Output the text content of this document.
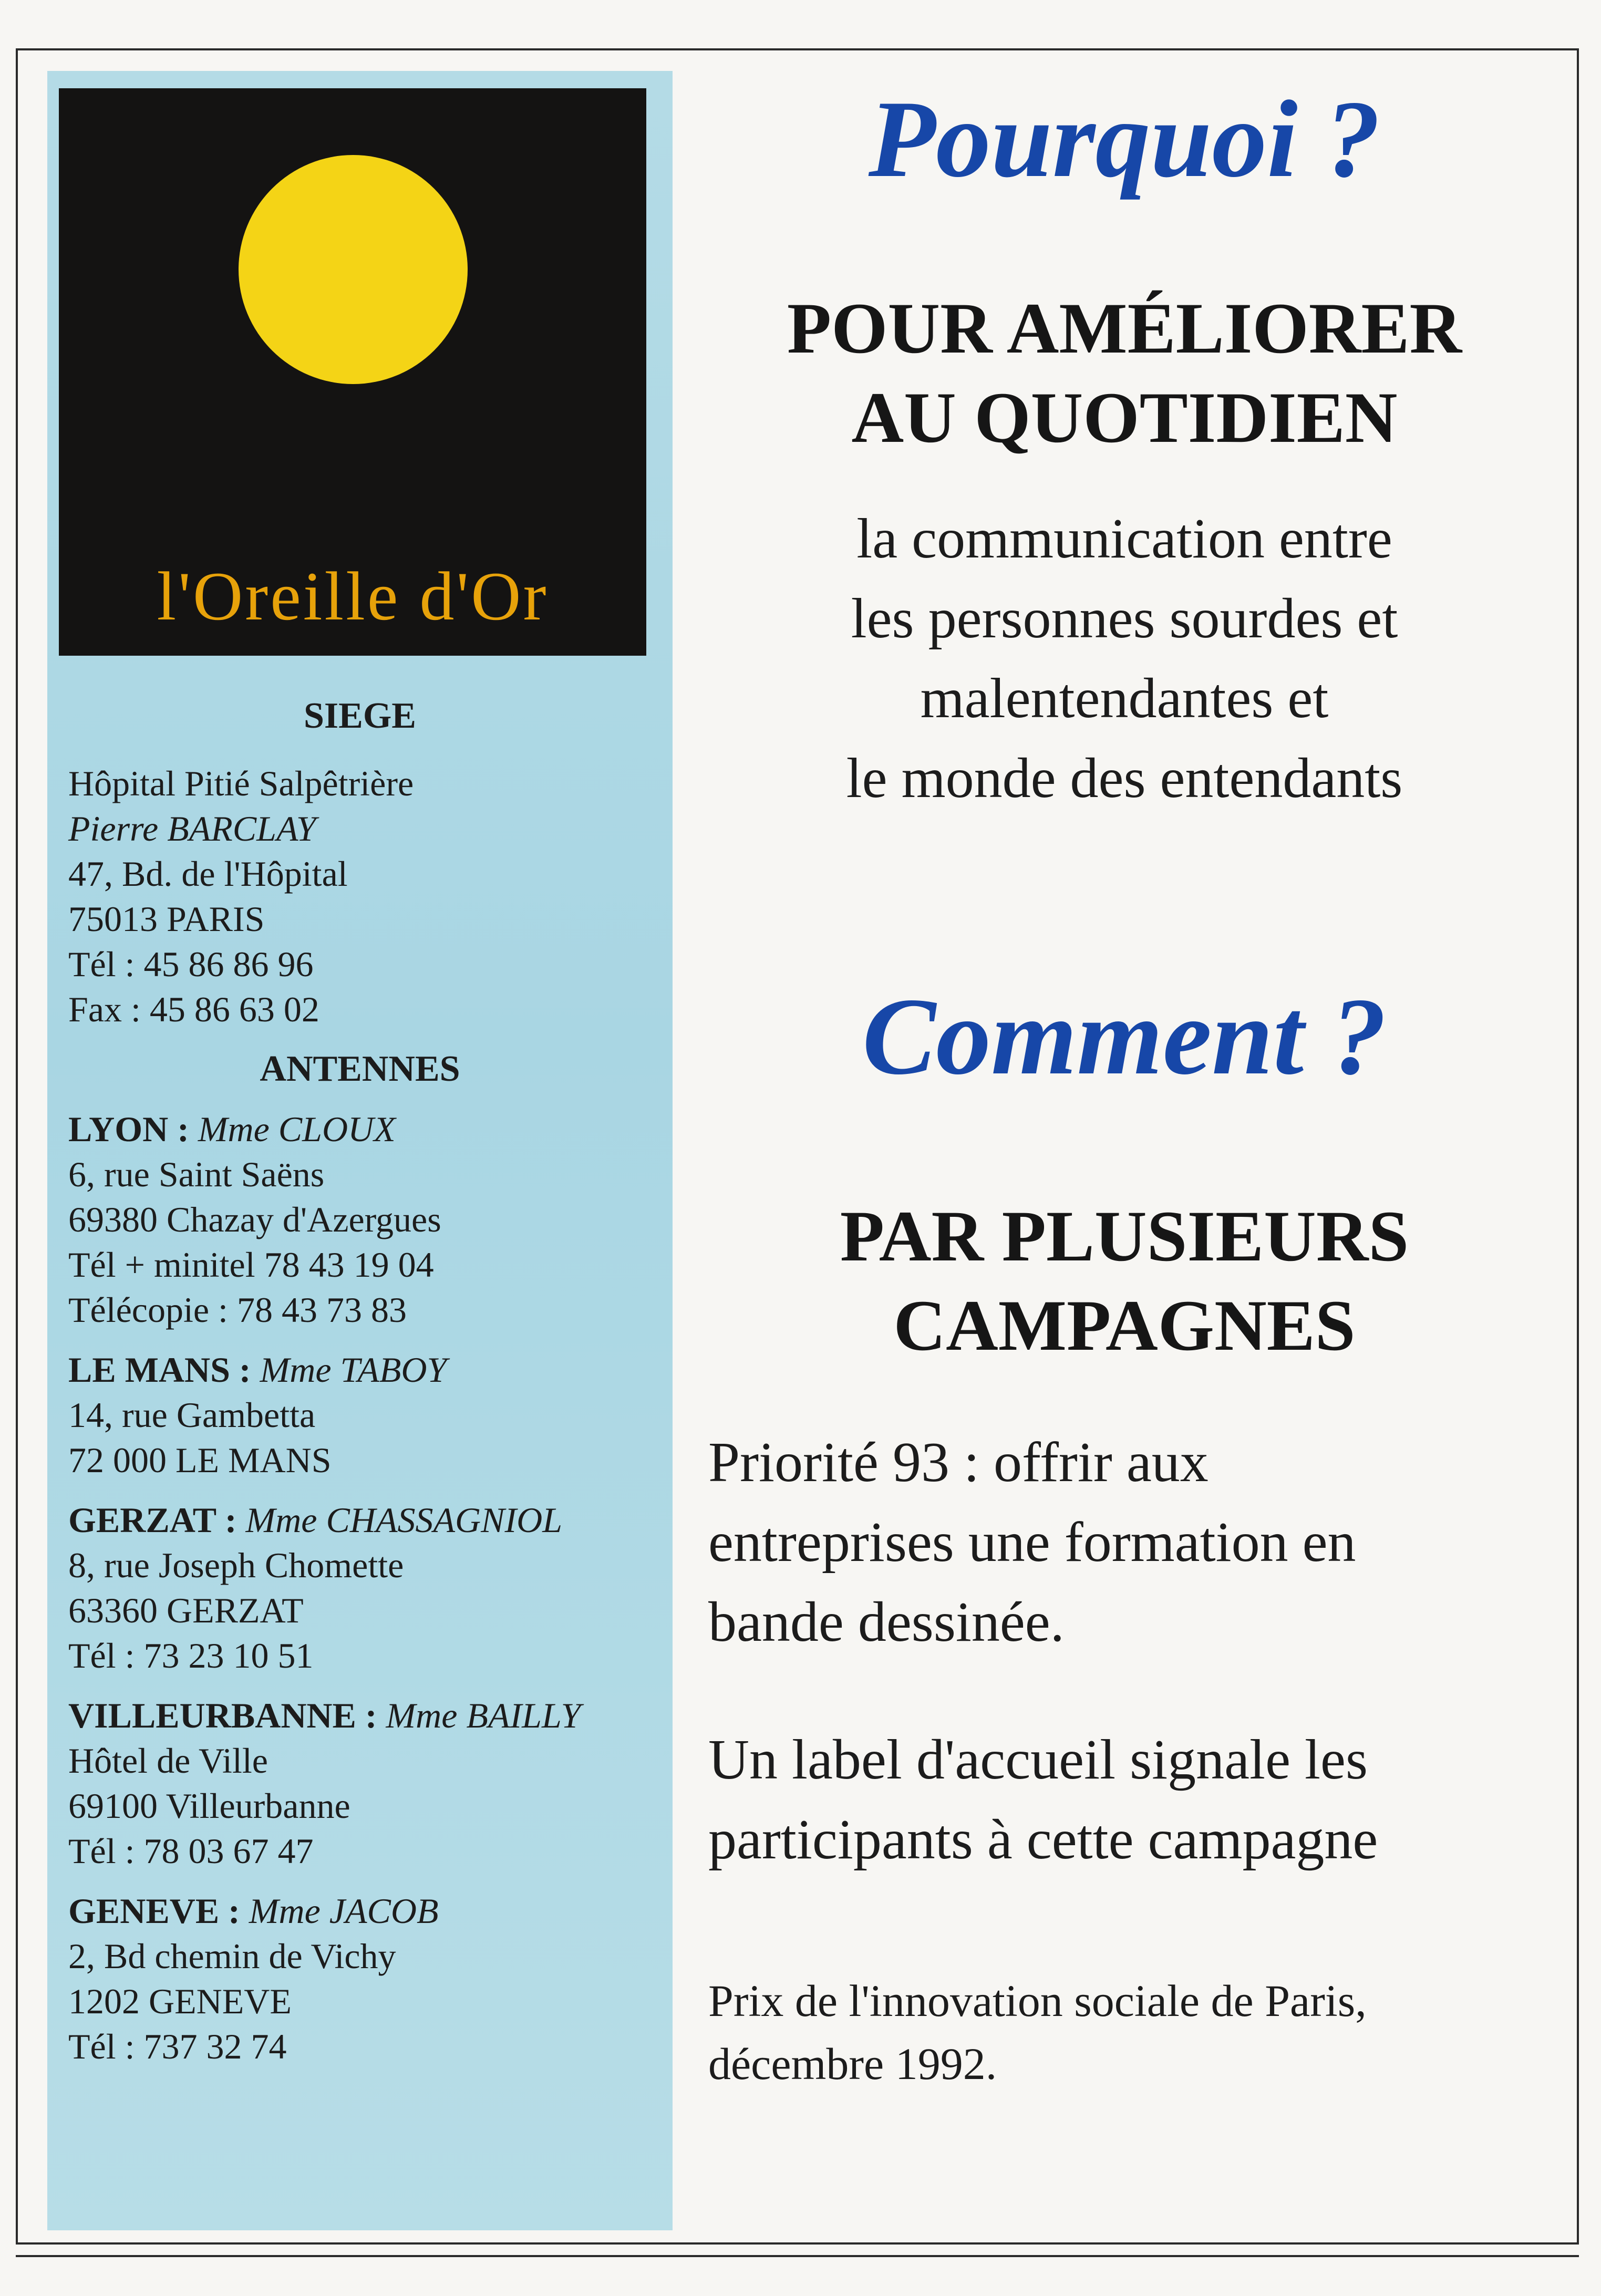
l'Oreille d'Or
SIEGE
Hôpital Pitié Salpêtrière
Pierre BARCLAY
47, Bd. de l'Hôpital
75013 PARIS
Tél : 45 86 86 96
Fax : 45 86 63 02
ANTENNES
LYON : Mme CLOUX
6, rue Saint Saëns
69380 Chazay d'Azergues
Tél + minitel 78 43 19 04
Télécopie : 78 43 73 83
LE MANS : Mme TABOY
14, rue Gambetta
72 000 LE MANS
GERZAT : Mme CHASSAGNIOL
8, rue Joseph Chomette
63360 GERZAT
Tél : 73 23 10 51
VILLEURBANNE : Mme BAILLY
Hôtel de Ville
69100 Villeurbanne
Tél : 78 03 67 47
GENEVE : Mme JACOB
2, Bd chemin de Vichy
1202 GENEVE
Tél : 737 32 74
Pourquoi ?
POUR AMÉLIORER
AU QUOTIDIEN
la communication entre
les personnes sourdes et
malentendantes et
le monde des entendants
Comment ?
PAR PLUSIEURS
CAMPAGNES
Priorité 93 : offrir aux
entreprises une formation en
bande dessinée.
Un label d'accueil signale les
participants à cette campagne
Prix de l'innovation sociale de Paris,
décembre 1992.
